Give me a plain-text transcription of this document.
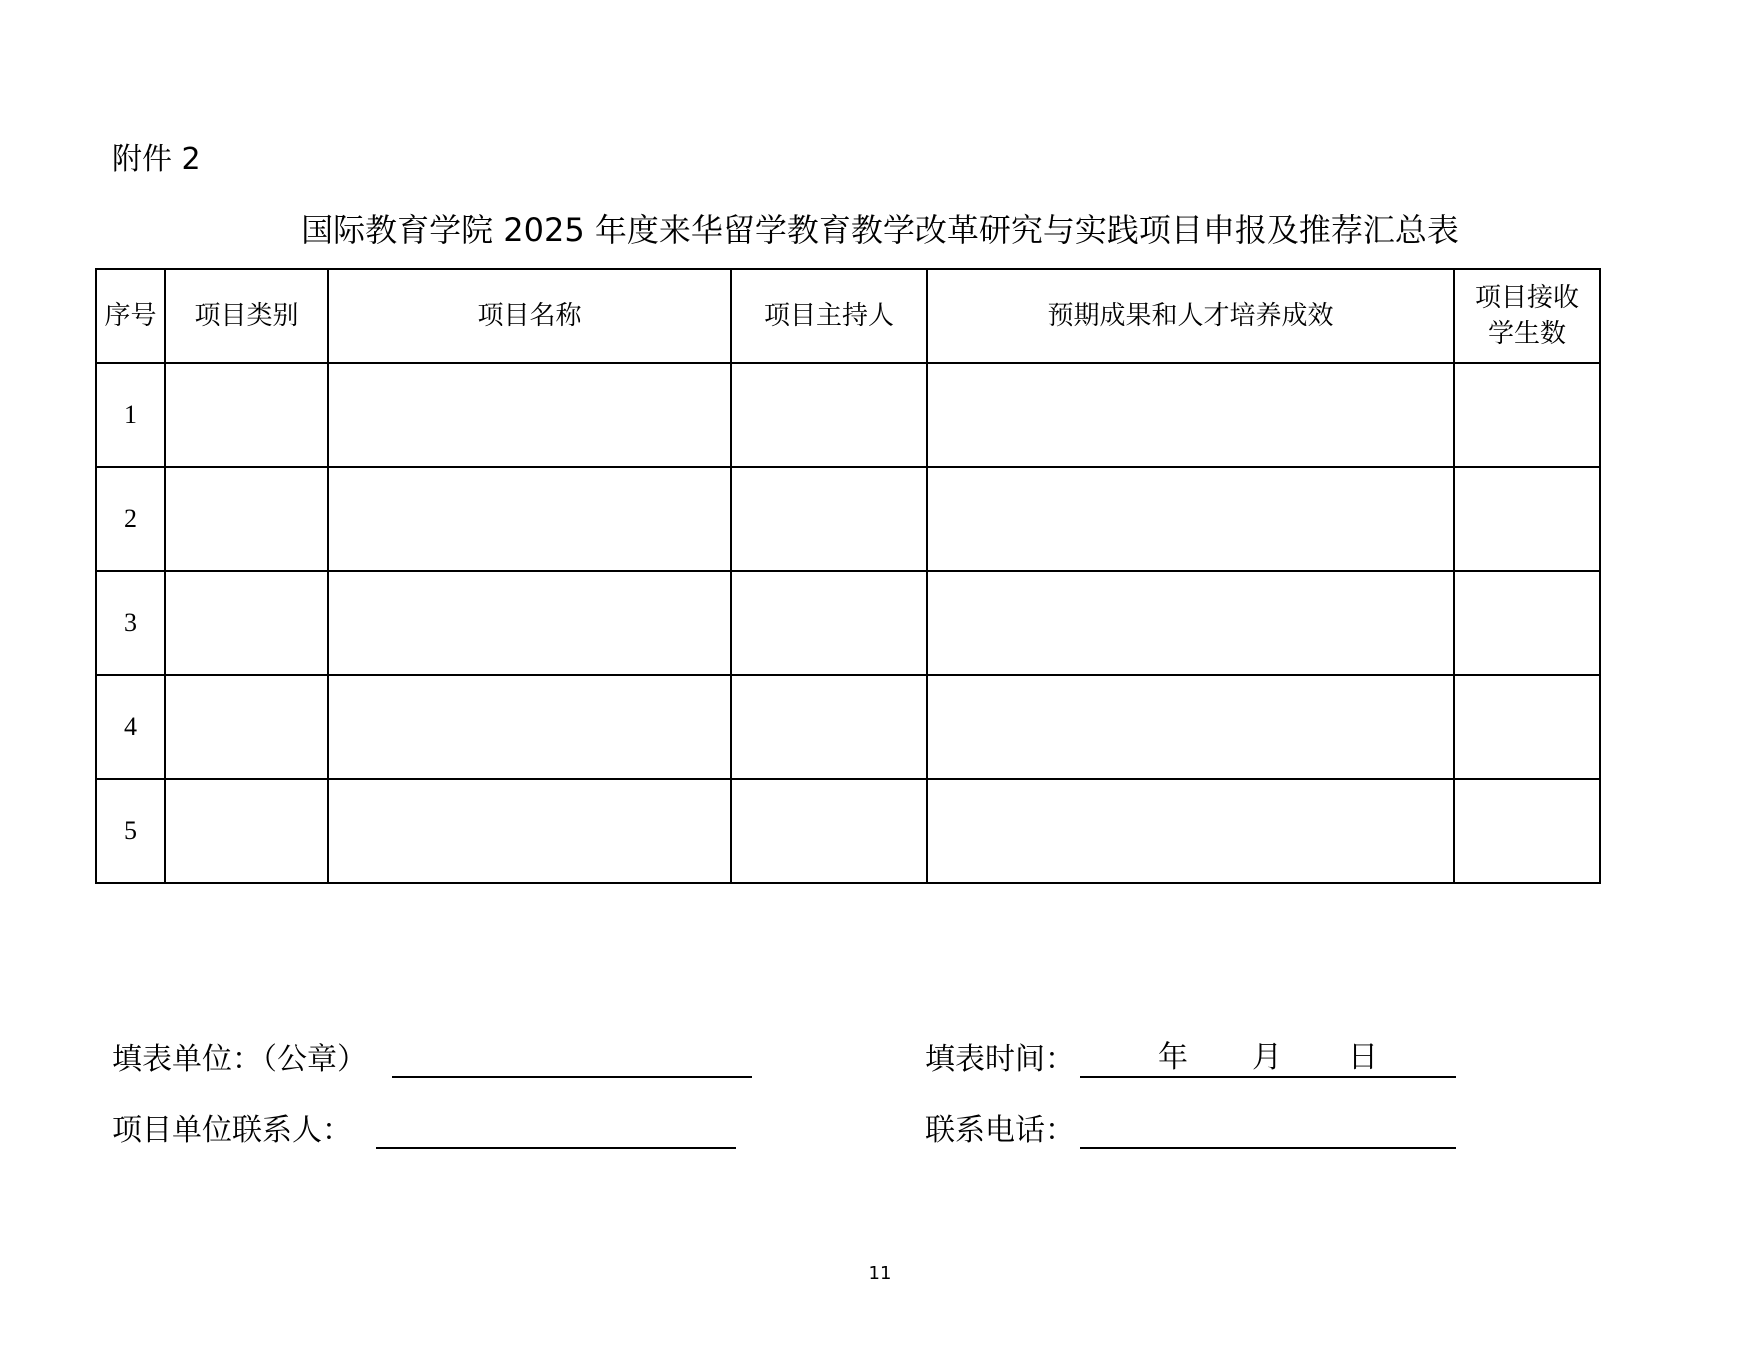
附件 2
国际教育学院 2025 年度来华留学教育教学改革研究与实践项目申报及推荐汇总表
序号	项目类别	项目名称	项目主持人	预期成果和人才培养成效	项目接收
学生数

1					
2					
3					
4					
5					
填表单位：（公章）	填表时间：	年 月 日
项目单位联系人：	联系电话：
11
